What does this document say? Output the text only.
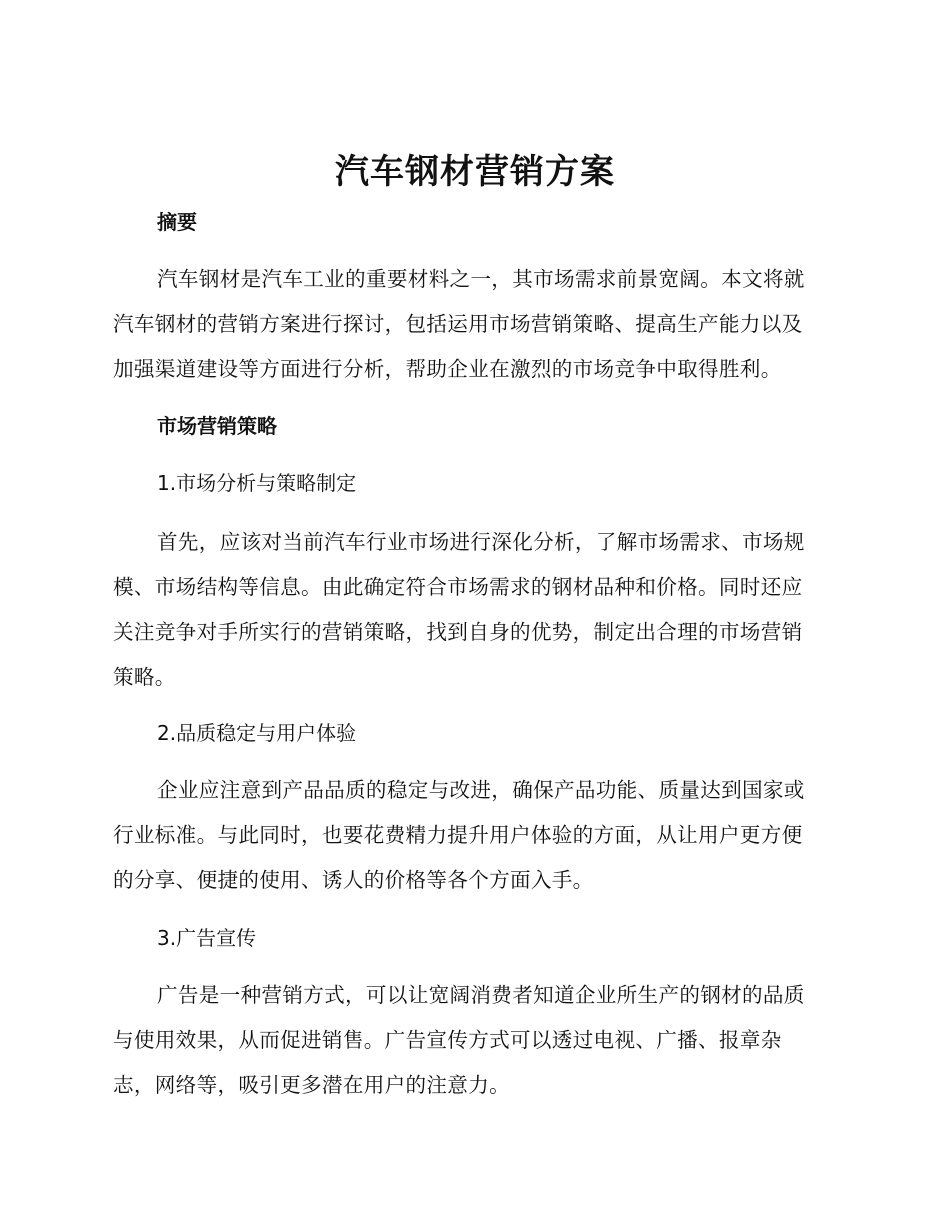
汽车钢材营销方案
摘要
汽车钢材是汽车工业的重要材料之一，其市场需求前景宽阔。本文将就
汽车钢材的营销方案进行探讨，包括运用市场营销策略、提高生产能力以及
加强渠道建设等方面进行分析，帮助企业在激烈的市场竞争中取得胜利。
市场营销策略
1.市场分析与策略制定
首先，应该对当前汽车行业市场进行深化分析，了解市场需求、市场规
模、市场结构等信息。由此确定符合市场需求的钢材品种和价格。同时还应
关注竞争对手所实行的营销策略，找到自身的优势，制定出合理的市场营销
策略。
2.品质稳定与用户体验
企业应注意到产品品质的稳定与改进，确保产品功能、质量达到国家或
行业标准。与此同时，也要花费精力提升用户体验的方面，从让用户更方便
的分享、便捷的使用、诱人的价格等各个方面入手。
3.广告宣传
广告是一种营销方式，可以让宽阔消费者知道企业所生产的钢材的品质
与使用效果，从而促进销售。广告宣传方式可以透过电视、广播、报章杂
志，网络等，吸引更多潜在用户的注意力。
